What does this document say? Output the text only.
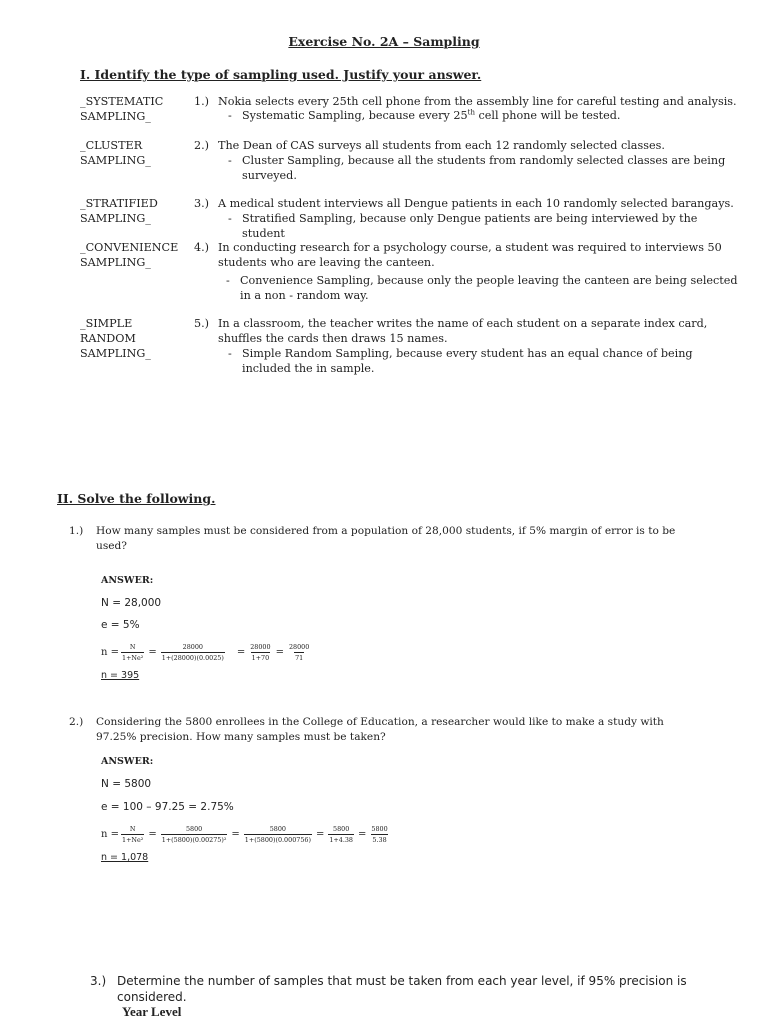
Exercise No. 2A – Sampling
I. Identify the type of sampling used. Justify your answer.
_SYSTEMATIC
SAMPLING_
1.) Nokia selects every 25th cell phone from the assembly line for careful testing and analysis.
- Systematic Sampling, because every 25th cell phone will be tested.
_CLUSTER
SAMPLING_
2.) The Dean of CAS surveys all students from each 12 randomly selected classes.
- Cluster Sampling, because all the students from randomly selected classes are being
surveyed.
_STRATIFIED
SAMPLING_
3.) A medical student interviews all Dengue patients in each 10 randomly selected barangays.
- Stratified Sampling, because only Dengue patients are being interviewed by the student
_CONVENIENCE
SAMPLING_
4.) In conducting research for a psychology course, a student was required to interviews 50
students who are leaving the canteen.
- Convenience Sampling, because only the people leaving the canteen are being selected
in a non - random way.
_SIMPLE
RANDOM
SAMPLING_
5.) In a classroom, the teacher writes the name of each student on a separate index card,
shuffles the cards then draws 15 names.
- Simple Random Sampling, because every student has an equal chance of being
included the in sample.
II. Solve the following.
1.) How many samples must be considered from a population of 28,000 students, if 5% margin of error is to be
used?
ANSWER:
N = 28,000
e = 5%
$n = \frac{N}{\text{1+Ne²}} = \frac{28000}{1+(28000)(0.0025)} = \frac{28000}{1+70} = \frac{28000}{71}$
n = 395
2.) Considering the 5800 enrollees in the College of Education, a researcher would like to make a study with
97.25% precision. How many samples must be taken?
ANSWER:
N = 5800
e = 100 – 97.25 = 2.75%
$n = \frac{N}{\text{1+Ne²}} = \frac{5800}{\text{1+(5800)(0.00275)²}} = \frac{5800}{1+(5800)(0.000756)} = \frac{5800}{1+4.38} = \frac{5800}{5.38}$
n = 1,078
3.) Determine the number of samples that must be taken from each year level, if 95% precision is
considered.
Year Level
